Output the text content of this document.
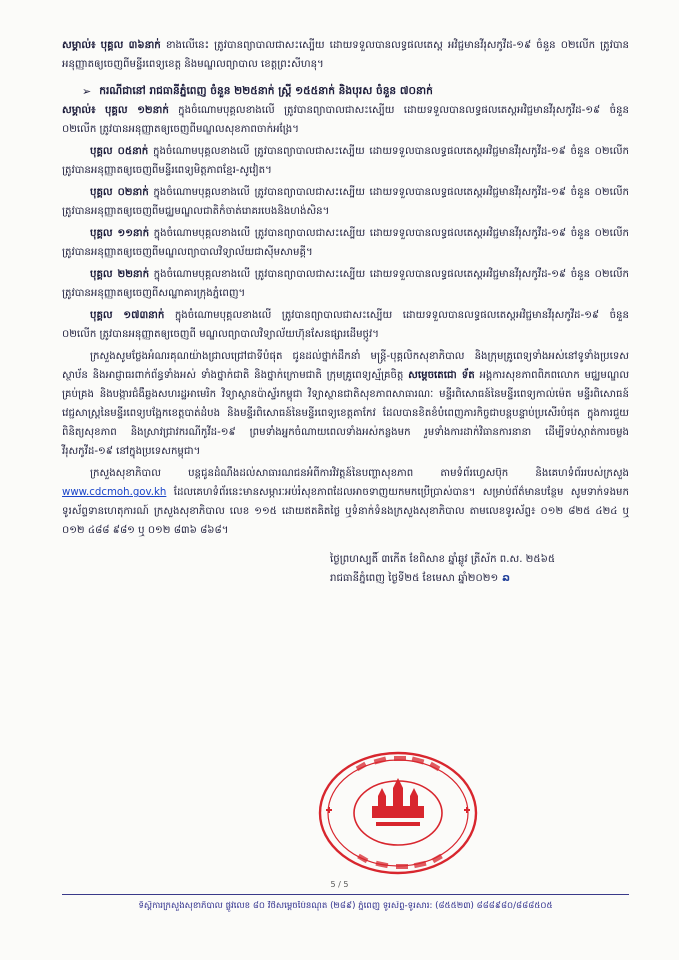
សម្គាល់៖ បុគ្គល ៣៦នាក់ ខាងលើនេះ ត្រូវបានព្យាបាលជាសះស្បើយ ដោយទទួលបានលទ្ធផលតេស្ត អវិជ្ជមានវីរុសកូវីដ-១៩ ចំនួន ០២លើក ត្រូវបានអនុញ្ញាតឲ្យចេញពីមន្ទីរពេទ្យខេត្ត និងមណ្ឌលព្យាបាល ខេត្តព្រះសីហនុ។

➢ ករណីជានៅ រាជធានីភ្នំពេញ ចំនួន ២២៥នាក់ ស្ត្រី ១៥៥នាក់ និងបុរស ចំនួន ៧០នាក់

សម្គាល់៖ បុគ្គល ១២នាក់ ក្នុងចំណោមបុគ្គលខាងលើ ត្រូវបានព្យាបាលជាសះស្បើយ ដោយទទួលបានលទ្ធផលតេស្តអវិជ្ជមានវីរុសកូវីដ-១៩ ចំនួន ០២លើក ត្រូវបានអនុញ្ញាតឲ្យចេញពីមណ្ឌលសុខភាពចាក់អង្រែ។

បុគ្គល ០៥នាក់ ក្នុងចំណោមបុគ្គលខាងលើ ត្រូវបានព្យាបាលជាសះស្បើយ ដោយទទួលបានលទ្ធផលតេស្តអវិជ្ជមានវីរុសកូវីដ-១៩ ចំនួន ០២លើក ត្រូវបានអនុញ្ញាតឲ្យចេញពីមន្ទីរពេទ្យមិត្តភាពខ្មែរ-សូវៀត។

បុគ្គល ០២នាក់ ក្នុងចំណោមបុគ្គលខាងលើ ត្រូវបានព្យាបាលជាសះស្បើយ ដោយទទួលបានលទ្ធផលតេស្តអវិជ្ជមានវីរុសកូវីដ-១៩ ចំនួន ០២លើក ត្រូវបានអនុញ្ញាតឲ្យចេញពីមជ្ឈមណ្ឌលជាតិកំចាត់រោគរបេងនិងហង់សិន។

បុគ្គល ១១នាក់ ក្នុងចំណោមបុគ្គលខាងលើ ត្រូវបានព្យាបាលជាសះស្បើយ ដោយទទួលបានលទ្ធផលតេស្តអវិជ្ជមានវីរុសកូវីដ-១៩ ចំនួន ០២លើក ត្រូវបានអនុញ្ញាតឲ្យចេញពីមណ្ឌលព្យាបាលវិទ្យាល័យជាស៊ីមសាមគ្គី។

បុគ្គល ២២នាក់ ក្នុងចំណោមបុគ្គលខាងលើ ត្រូវបានព្យាបាលជាសះស្បើយ ដោយទទួលបានលទ្ធផលតេស្តអវិជ្ជមានវីរុសកូវីដ-១៩ ចំនួន ០២លើក ត្រូវបានអនុញ្ញាតឲ្យចេញពីសណ្ឋាគារក្រុងភ្នំពេញ។

បុគ្គល ១៧៣នាក់ ក្នុងចំណោមបុគ្គលខាងលើ ត្រូវបានព្យាបាលជាសះស្បើយ ដោយទទួលបានលទ្ធផលតេស្តអវិជ្ជមានវីរុសកូវីដ-១៩ ចំនួន ០២លើក ត្រូវបានអនុញ្ញាតឲ្យចេញពី មណ្ឌលព្យាបាលវិទ្យាល័យហ៊ុនសែនផ្សារដើមថ្កូវ។

ក្រសួងសូមថ្លែងអំណរគុណយ៉ាងជ្រាលជ្រៅជាទីបំផុត ជូនដល់ថ្នាក់ដឹកនាំ មន្ត្រី-បុគ្គលិកសុខាភិបាល និងក្រុមគ្រូពេទ្យទាំងអស់នៅទូទាំងប្រទេស ស្ថាប័ន និងអាជ្ញាធរពាក់ព័ន្ធទាំងអស់ ទាំងថ្នាក់ជាតិ និងថ្នាក់ក្រោមជាតិ ក្រុមគ្រូពេទ្យស្ម័គ្រចិត្ត សម្តេចតេជោ ទ័ត អង្គការសុខភាពពិភពលោក មជ្ឈមណ្ឌលគ្រប់គ្រង និងបង្ការជំងឺឆ្លងសហរដ្ឋអាមេរិក វិទ្យាស្ថានប៉ាស្ទ័រកម្ពុជា វិទ្យាស្ថានជាតិសុខភាពសាធារណៈ មន្ទីរពិសោធន៍នៃមន្ទីរពេទ្យកាល់ម៉េត មន្ទីរពិសោធន៍វេជ្ជសាស្ត្រនៃមន្ទីរពេទ្យបង្អែកខេត្តបាត់ដំបង និងមន្ទីរពិសោធន៍នៃមន្ទីរពេទ្យខេត្តតាកែវ ដែលបានខិតខំបំពេញភារកិច្ចជាបន្តបន្ទាប់ប្រសើរបំផុត ក្នុងការជួយពិនិត្យសុខភាព និងស្រាវជ្រាវករណីកូវីដ-១៩ ព្រមទាំងអ្នកចំណាយពេលទាំងអស់កន្លងមក រួមទាំងការដាក់វិធានការនានា ដើម្បីទប់ស្កាត់ការចម្លងវីរុសកូវីដ-១៩ នៅក្នុងប្រទេសកម្ពុជា។

ក្រសួងសុខាភិបាល បន្តជូនដំណឹងដល់សាធារណជនអំពីការវិវត្តន៍នៃបញ្ហាសុខភាព តាមទំព័រហ្វេសប៊ុក និងគេហទំព័ររបស់ក្រសួង www.cdcmoh.gov.kh ដែលគេហទំព័រនេះមានសម្ភារៈអប់រំសុខភាពដែលអាចទាញយកមកប្រើប្រាស់បាន។ សម្រាប់ព័ត៌មានបន្ថែម សូមទាក់ទងមកទូរស័ព្ទទានហេតុការណ៍ ក្រសួងសុខាភិបាល លេខ ១១៥ ដោយឥតគិតថ្លៃ ឬទំនាក់ទំនងក្រសួងសុខាភិបាល តាមលេខទូរស័ព្ទ៖ ០១២ ៨២៥ ៤២៤ ឬ ០១២ ៤៨៨ ៩៨១ ឬ ០១២ ៨៣៦ ៨៦៨។

ថ្ងៃព្រហស្បតិ៍ ៣កើត ខែពិសាខ ឆ្នាំឆ្លូវ ត្រីស័ក ព.ស. ២៥៦៥
រាជធានីភ្នំពេញ ថ្ងៃទី២៥ ខែមេសា ឆ្នាំ២០២១ ລ
5 / 5
ទីស្តីការក្រសួងសុខាភិបាល ផ្លូវលេខ ៨០ វិថីសម្តេចប៉ែនណុត (២៨៩) ភ្នំពេញ ទូរស័ព្ទ-ទូរសារ: (៨៥៥២៣) ៨៨៨៩៨០/៨៨៨៥០៥
